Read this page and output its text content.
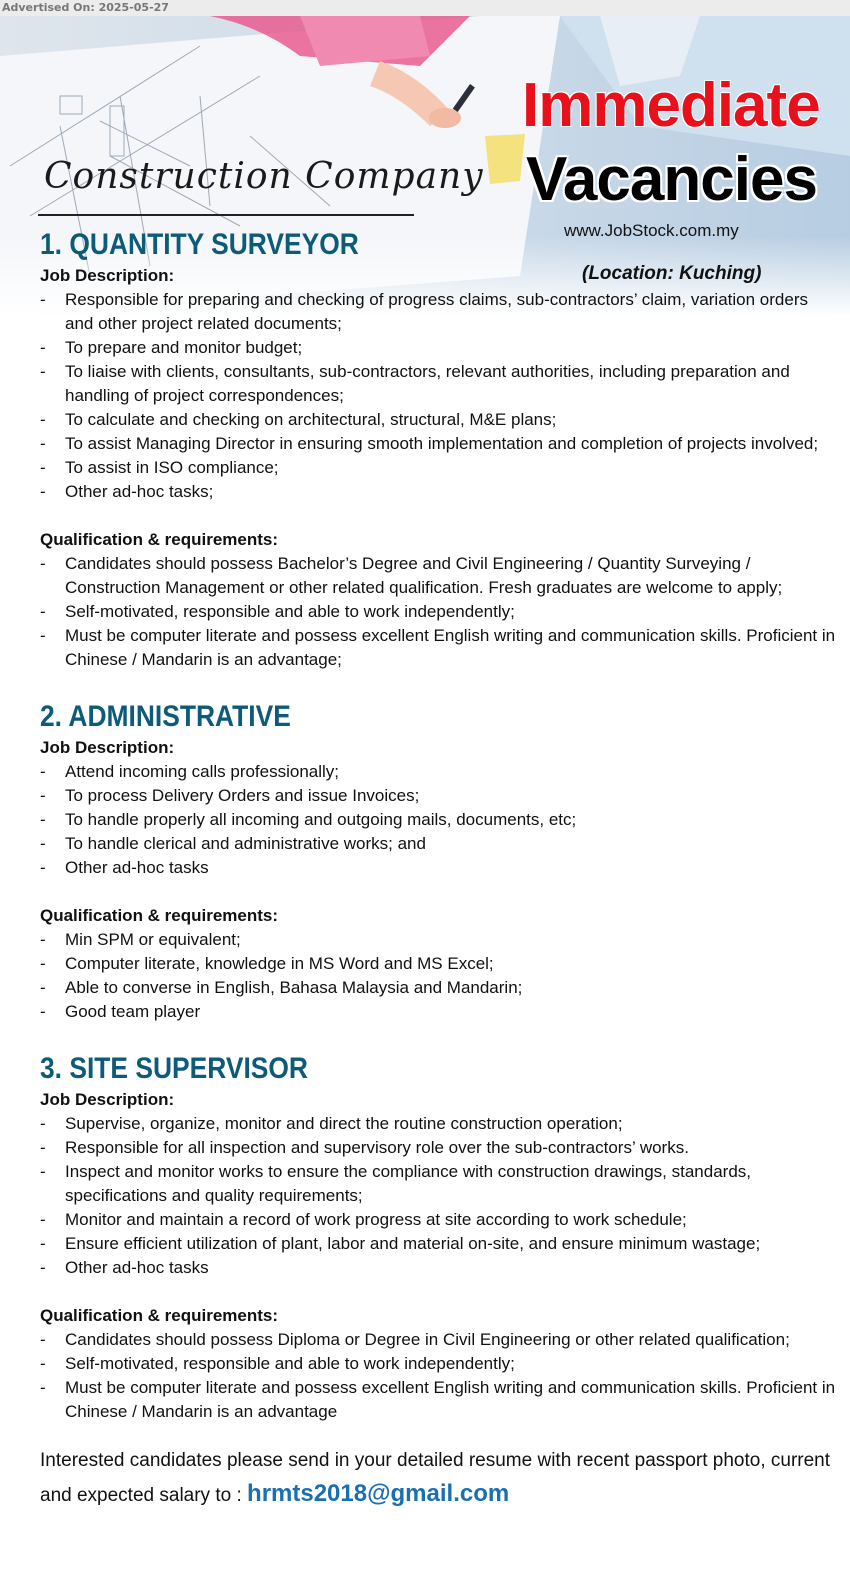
Advertised On: 2025-05-27
Construction Company
Immediate
Vacancies
www.JobStock.com.my
(Location: Kuching)
1. QUANTITY SURVEYOR
Job Description:
- Responsible for preparing and checking of progress claims, sub-contractors’ claim, variation orders and other project related documents;
- To prepare and monitor budget;
- To liaise with clients, consultants, sub-contractors, relevant authorities, including preparation and handling of project correspondences;
- To calculate and checking on architectural, structural, M&E plans;
- To assist Managing Director in ensuring smooth implementation and completion of projects involved;
- To assist in ISO compliance;
- Other ad-hoc tasks;
Qualification & requirements:
- Candidates should possess Bachelor’s Degree and Civil Engineering / Quantity Surveying / Construction Management or other related qualification. Fresh graduates are welcome to apply;
- Self-motivated, responsible and able to work independently;
- Must be computer literate and possess excellent English writing and communication skills. Proficient in Chinese / Mandarin is an advantage;
2. ADMINISTRATIVE
Job Description:
- Attend incoming calls professionally;
- To process Delivery Orders and issue Invoices;
- To handle properly all incoming and outgoing mails, documents, etc;
- To handle clerical and administrative works; and
- Other ad-hoc tasks
Qualification & requirements:
- Min SPM or equivalent;
- Computer literate, knowledge in MS Word and MS Excel;
- Able to converse in English, Bahasa Malaysia and Mandarin;
- Good team player
3. SITE SUPERVISOR
Job Description:
- Supervise, organize, monitor and direct the routine construction operation;
- Responsible for all inspection and supervisory role over the sub-contractors’ works.
- Inspect and monitor works to ensure the compliance with construction drawings, standards, specifications and quality requirements;
- Monitor and maintain a record of work progress at site according to work schedule;
- Ensure efficient utilization of plant, labor and material on-site, and ensure minimum wastage;
- Other ad-hoc tasks
Qualification & requirements:
- Candidates should possess Diploma or Degree in Civil Engineering or other related qualification;
- Self-motivated, responsible and able to work independently;
- Must be computer literate and possess excellent English writing and communication skills. Proficient in Chinese / Mandarin is an advantage
Interested candidates please send in your detailed resume with recent passport photo, current and expected salary to : hrmts2018@gmail.com
